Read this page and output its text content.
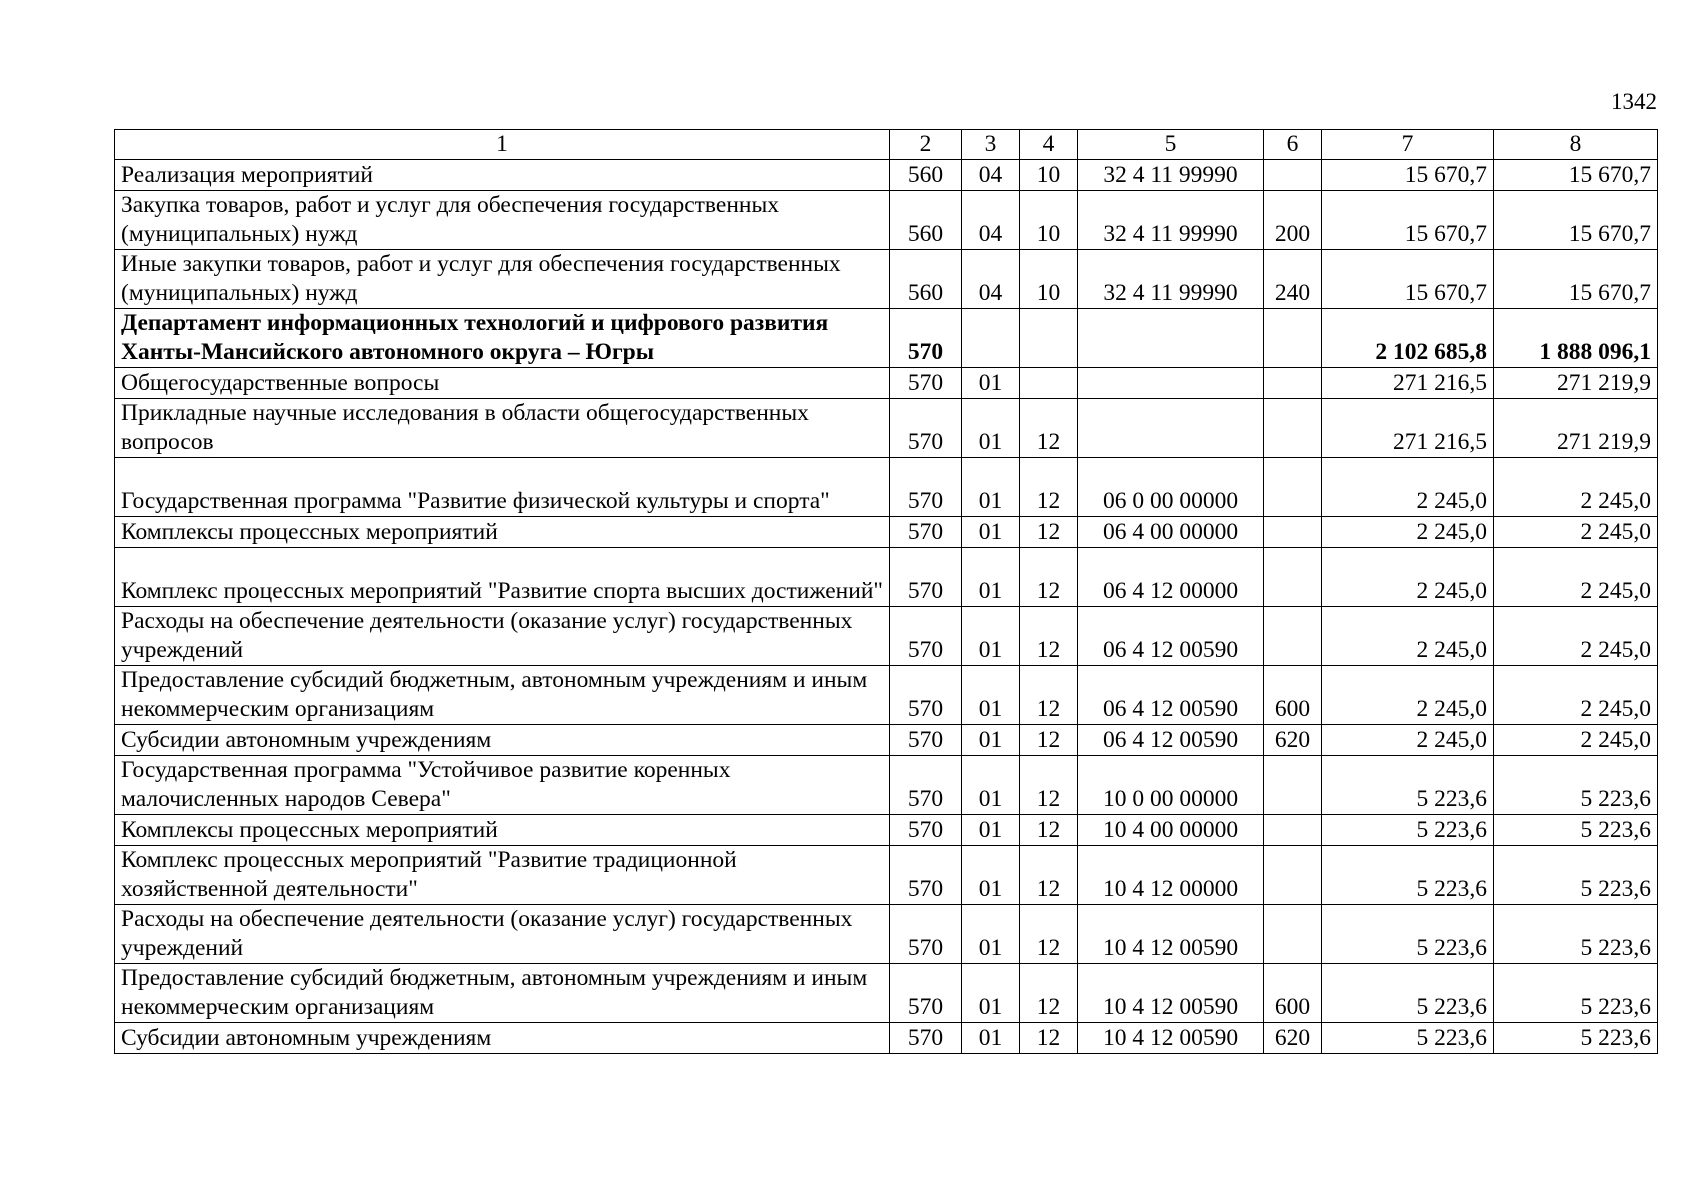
1342
1	2	3	4	5	6	7	8
Реализация мероприятий	560	04	10	32 4 11 99990		15 670,7	15 670,7
Закупка товаров, работ и услуг для обеспечения государственных (муниципальных) нужд	560	04	10	32 4 11 99990	200	15 670,7	15 670,7
Иные закупки товаров, работ и услуг для обеспечения государственных (муниципальных) нужд	560	04	10	32 4 11 99990	240	15 670,7	15 670,7
Департамент информационных технологий и цифрового развития Ханты-Мансийского автономного округа – Югры	570					2 102 685,8	1 888 096,1
Общегосударственные вопросы	570	01				271 216,5	271 219,9
Прикладные научные исследования в области общегосударственных вопросов	570	01	12			271 216,5	271 219,9
Государственная программа "Развитие физической культуры и спорта"	570	01	12	06 0 00 00000		2 245,0	2 245,0
Комплексы процессных мероприятий	570	01	12	06 4 00 00000		2 245,0	2 245,0
Комплекс процессных мероприятий "Развитие спорта высших достижений"	570	01	12	06 4 12 00000		2 245,0	2 245,0
Расходы на обеспечение деятельности (оказание услуг) государственных учреждений	570	01	12	06 4 12 00590		2 245,0	2 245,0
Предоставление субсидий бюджетным, автономным учреждениям и иным некоммерческим организациям	570	01	12	06 4 12 00590	600	2 245,0	2 245,0
Субсидии автономным учреждениям	570	01	12	06 4 12 00590	620	2 245,0	2 245,0
Государственная программа "Устойчивое развитие коренных малочисленных народов Севера"	570	01	12	10 0 00 00000		5 223,6	5 223,6
Комплексы процессных мероприятий	570	01	12	10 4 00 00000		5 223,6	5 223,6
Комплекс процессных мероприятий "Развитие традиционной хозяйственной деятельности"	570	01	12	10 4 12 00000		5 223,6	5 223,6
Расходы на обеспечение деятельности (оказание услуг) государственных учреждений	570	01	12	10 4 12 00590		5 223,6	5 223,6
Предоставление субсидий бюджетным, автономным учреждениям и иным некоммерческим организациям	570	01	12	10 4 12 00590	600	5 223,6	5 223,6
Субсидии автономным учреждениям	570	01	12	10 4 12 00590	620	5 223,6	5 223,6
